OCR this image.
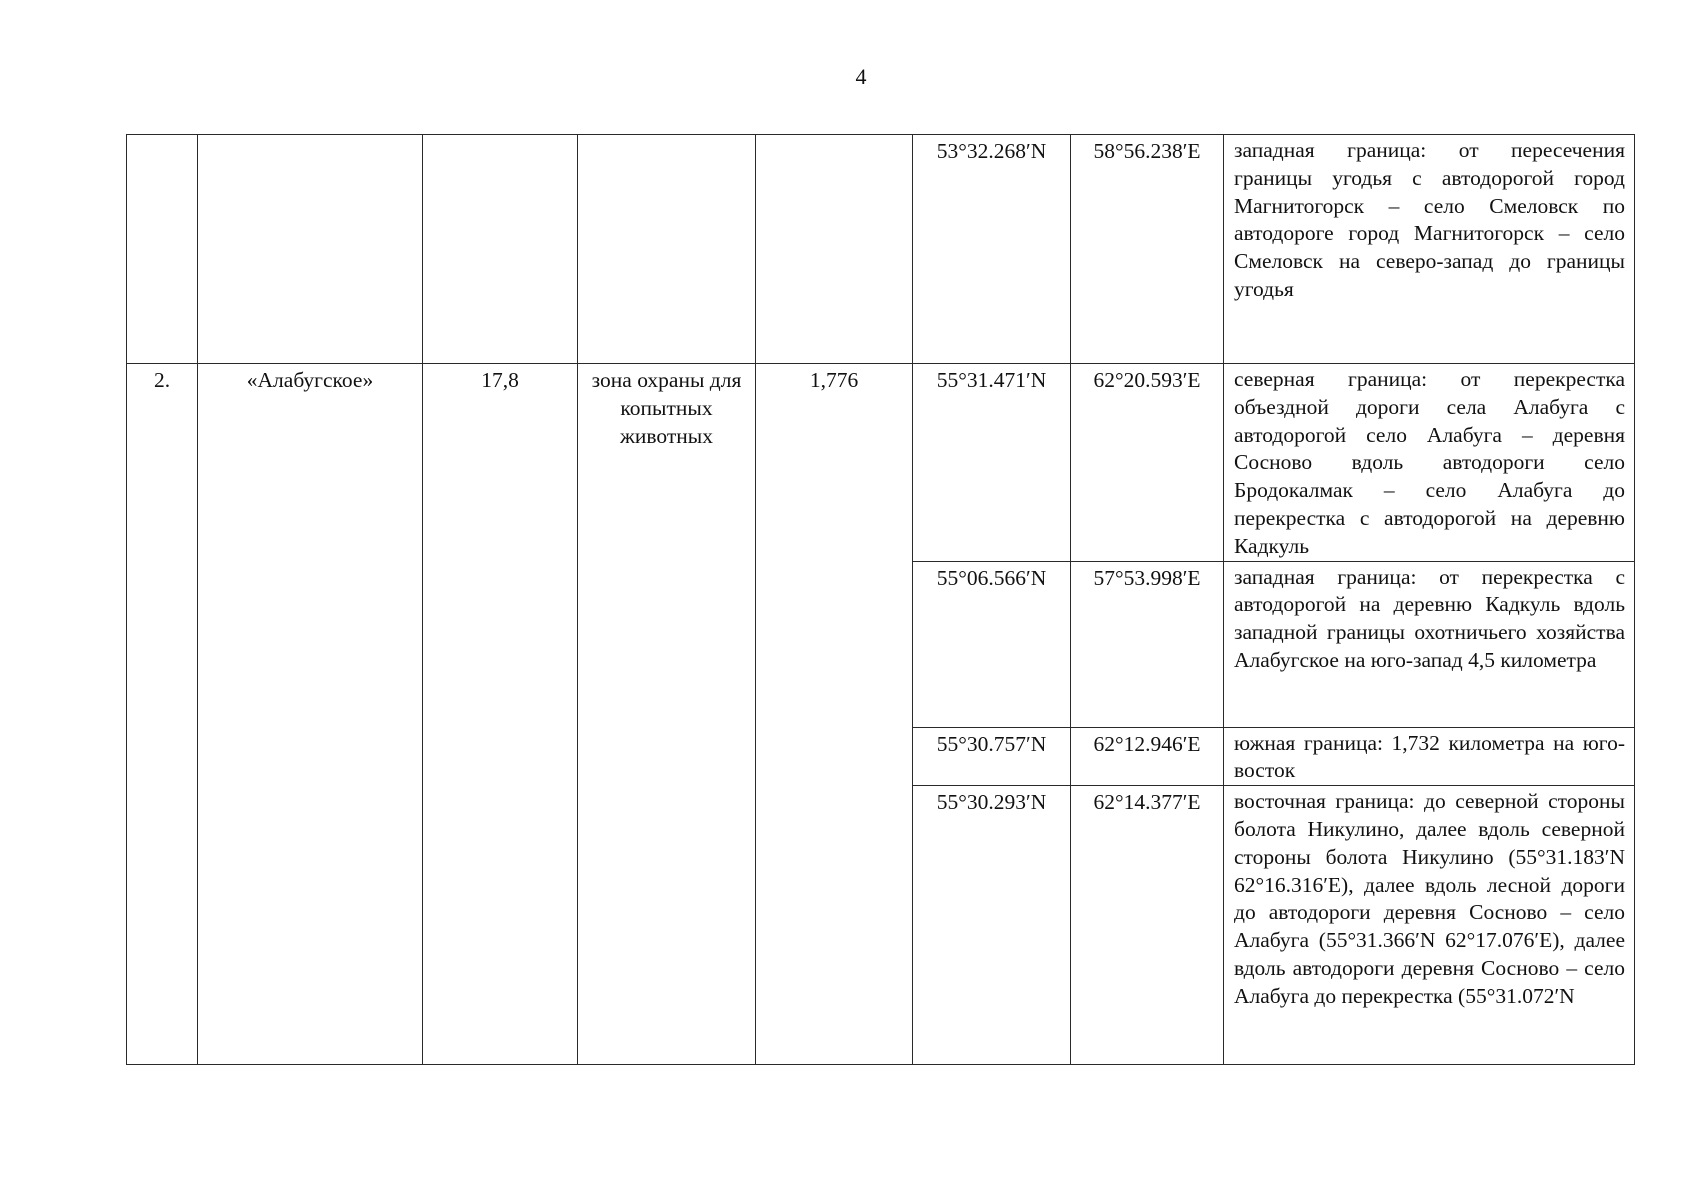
4
					53°32.268′N	58°56.238′E	западная граница: от пересечения границы угодья с автодорогой город Магнитогорск – село Смеловск по автодороге город Магнитогорск – село Смеловск на северо-запад до границы угодья
2.	«Алабугское»	17,8	зона охраны для копытных животных	1,776	55°31.471′N	62°20.593′E	северная граница: от перекрестка объездной дороги села Алабуга с автодорогой село Алабуга – деревня Сосново вдоль автодороги село Бродокалмак – село Алабуга до перекрестка с автодорогой на деревню Кадкуль
					55°06.566′N	57°53.998′E	западная граница: от перекрестка с автодорогой на деревню Кадкуль вдоль западной границы охотничьего хозяйства Алабугское на юго-запад 4,5 километра
					55°30.757′N	62°12.946′E	южная граница: 1,732 километра на юго-восток
					55°30.293′N	62°14.377′E	восточная граница: до северной стороны болота Никулино, далее вдоль северной стороны болота Никулино (55°31.183′N 62°16.316′E), далее вдоль лесной дороги до автодороги деревня Сосново – село Алабуга (55°31.366′N 62°17.076′E), далее вдоль автодороги деревня Сосново – село Алабуга до перекрестка (55°31.072′N
